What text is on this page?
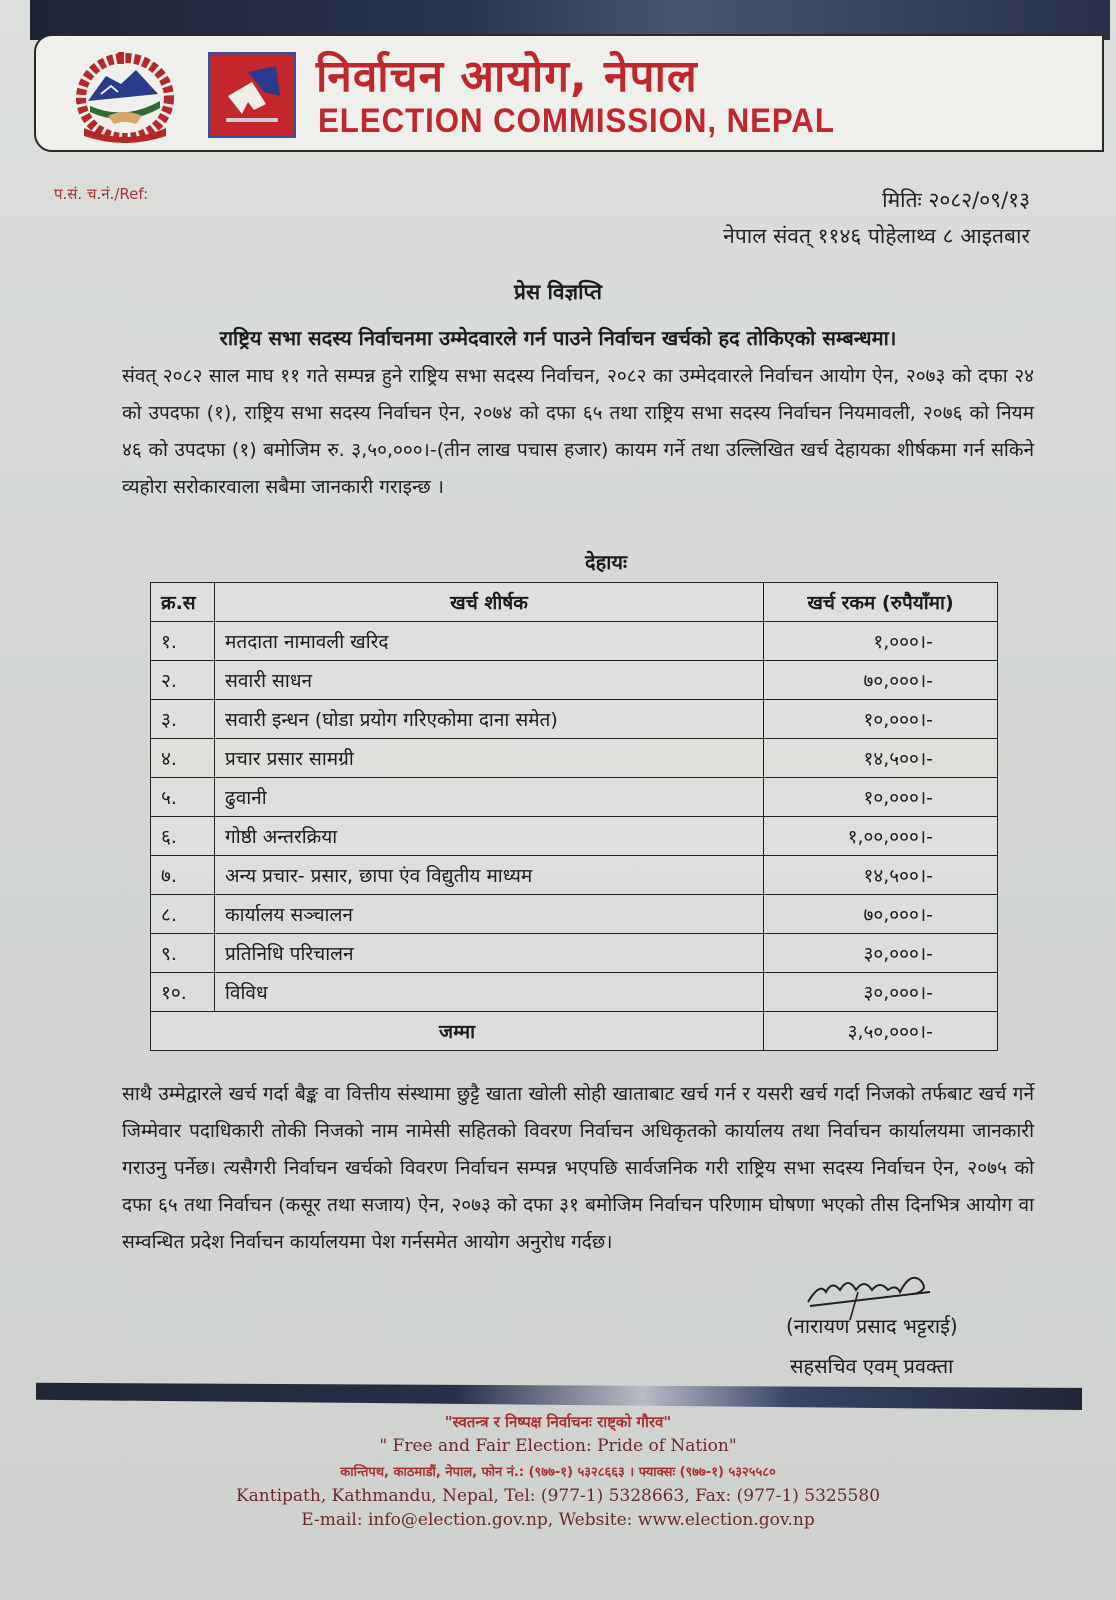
निर्वाचन आयोग, नेपाल
ELECTION COMMISSION, NEPAL
प.सं. च.नं./Ref:	मितिः २०८२/०९/१३
नेपाल संवत् ११४६ पोहेलाथ्व ८ आइतबार
प्रेस विज्ञप्ति
राष्ट्रिय सभा सदस्य निर्वाचनमा उम्मेदवारले गर्न पाउने निर्वाचन खर्चको हद तोकिएको सम्बन्धमा।
संवत् २०८२ साल माघ ११ गते सम्पन्न हुने राष्ट्रिय सभा सदस्य निर्वाचन, २०८२ का उम्मेदवारले निर्वाचन आयोग ऐन, २०७३ को दफा २४ को उपदफा (१), राष्ट्रिय सभा सदस्य निर्वाचन ऐन, २०७४ को दफा ६५ तथा राष्ट्रिय सभा सदस्य निर्वाचन नियमावली, २०७६ को नियम ४६ को उपदफा (१) बमोजिम रु. ३,५०,०००।-(तीन लाख पचास हजार) कायम गर्ने तथा उल्लिखित खर्च देहायका शीर्षकमा गर्न सकिने व्यहोरा सरोकारवाला सबैमा जानकारी गराइन्छ ।
देहायः
क्र.स	खर्च शीर्षक	खर्च रकम (रुपैयाँमा)
१.	मतदाता नामावली खरिद	१,०००।-
२.	सवारी साधन	७०,०००।-
३.	सवारी इन्धन (घोडा प्रयोग गरिएकोमा दाना समेत)	१०,०००।-
४.	प्रचार प्रसार सामग्री	१४,५००।-
५.	ढुवानी	१०,०००।-
६.	गोष्ठी अन्तरक्रिया	१,००,०००।-
७.	अन्य प्रचार- प्रसार, छापा एंव विद्युतीय माध्यम	१४,५००।-
८.	कार्यालय सञ्चालन	७०,०००।-
९.	प्रतिनिधि परिचालन	३०,०००।-
१०.	विविध	३०,०००।-
जम्मा		३,५०,०००।-
साथै उम्मेद्वारले खर्च गर्दा बैङ्क वा वित्तीय संस्थामा छुट्टै खाता खोली सोही खाताबाट खर्च गर्न र यसरी खर्च गर्दा निजको तर्फबाट खर्च गर्ने जिम्मेवार पदाधिकारी तोकी निजको नाम नामेसी सहितको विवरण निर्वाचन अधिकृतको कार्यालय तथा निर्वाचन कार्यालयमा जानकारी गराउनु पर्नेछ। त्यसैगरी निर्वाचन खर्चको विवरण निर्वाचन सम्पन्न भएपछि सार्वजनिक गरी राष्ट्रिय सभा सदस्य निर्वाचन ऐन, २०७५ को दफा ६५ तथा निर्वाचन (कसूर तथा सजाय) ऐन, २०७३ को दफा ३१ बमोजिम निर्वाचन परिणाम घोषणा भएको तीस दिनभित्र आयोग वा सम्वन्धित प्रदेश निर्वाचन कार्यालयमा पेश गर्नसमेत आयोग अनुरोध गर्दछ।
(नारायण प्रसाद भट्टराई)
सहसचिव एवम् प्रवक्ता
"स्वतन्त्र र निष्पक्ष निर्वाचनः राष्ट्को गौरव"
" Free and Fair Election: Pride of Nation"
कान्तिपथ, काठमाडौं, नेपाल, फोन नं.: (९७७-१) ५३२८६६३ । फ्याक्सः (९७७-१) ५३२५५८०
Kantipath, Kathmandu, Nepal, Tel: (977-1) 5328663, Fax: (977-1) 5325580
E-mail: info@election.gov.np, Website: www.election.gov.np
